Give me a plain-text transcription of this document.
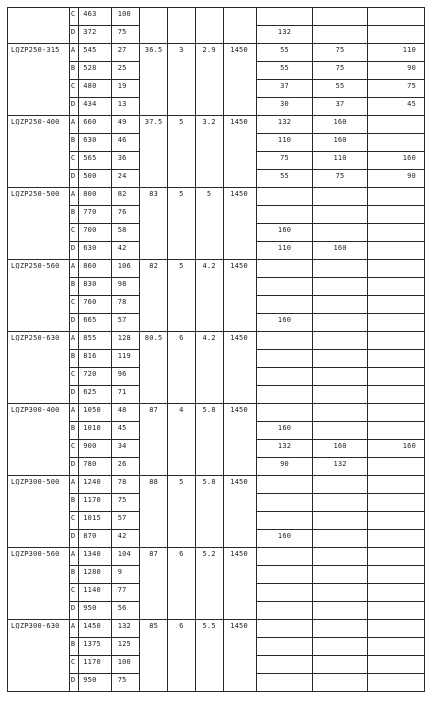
	C	463	100							
	D	372	75					132		
LQZP250-315	A	545	27	36.5	3	2.9	1450	55	75	110
	B	528	25					55	75	90
	C	480	19					37	55	75
	D	434	13					30	37	45
LQZP250-400	A	660	49	37.5	5	3.2	1450	132	160	
	B	630	46					110	160	
	C	565	36					75	110	160
	D	500	24					55	75	90
LQZP250-500	A	800	82	83	5	5	1450			
	B	770	76							
	C	700	58					160		
	D	630	42					110	160	
LQZP250-560	A	860	106	82	5	4.2	1450			
	B	830	98							
	C	760	78							
	D	665	57					160		
LQZP250-630	A	855	128	80.5	6	4.2	1450			
	B	816	119							
	C	720	96							
	D	625	71							
LQZP300-400	A	1050	48	87	4	5.8	1450			
	B	1010	45					160		
	C	900	34					132	160	160
	D	780	26					90	132	
LQZP300-500	A	1240	78	88	5	5.8	1450			
	B	1170	75							
	C	1015	57							
	D	870	42					160		
LQZP300-560	A	1340	104	87	6	5.2	1450			
	B	1280	9							
	C	1140	77							
	D	950	56							
LQZP300-630	A	1450	132	85	6	5.5	1450			
	B	1375	125							
	C	1170	100							
	D	950	75							
